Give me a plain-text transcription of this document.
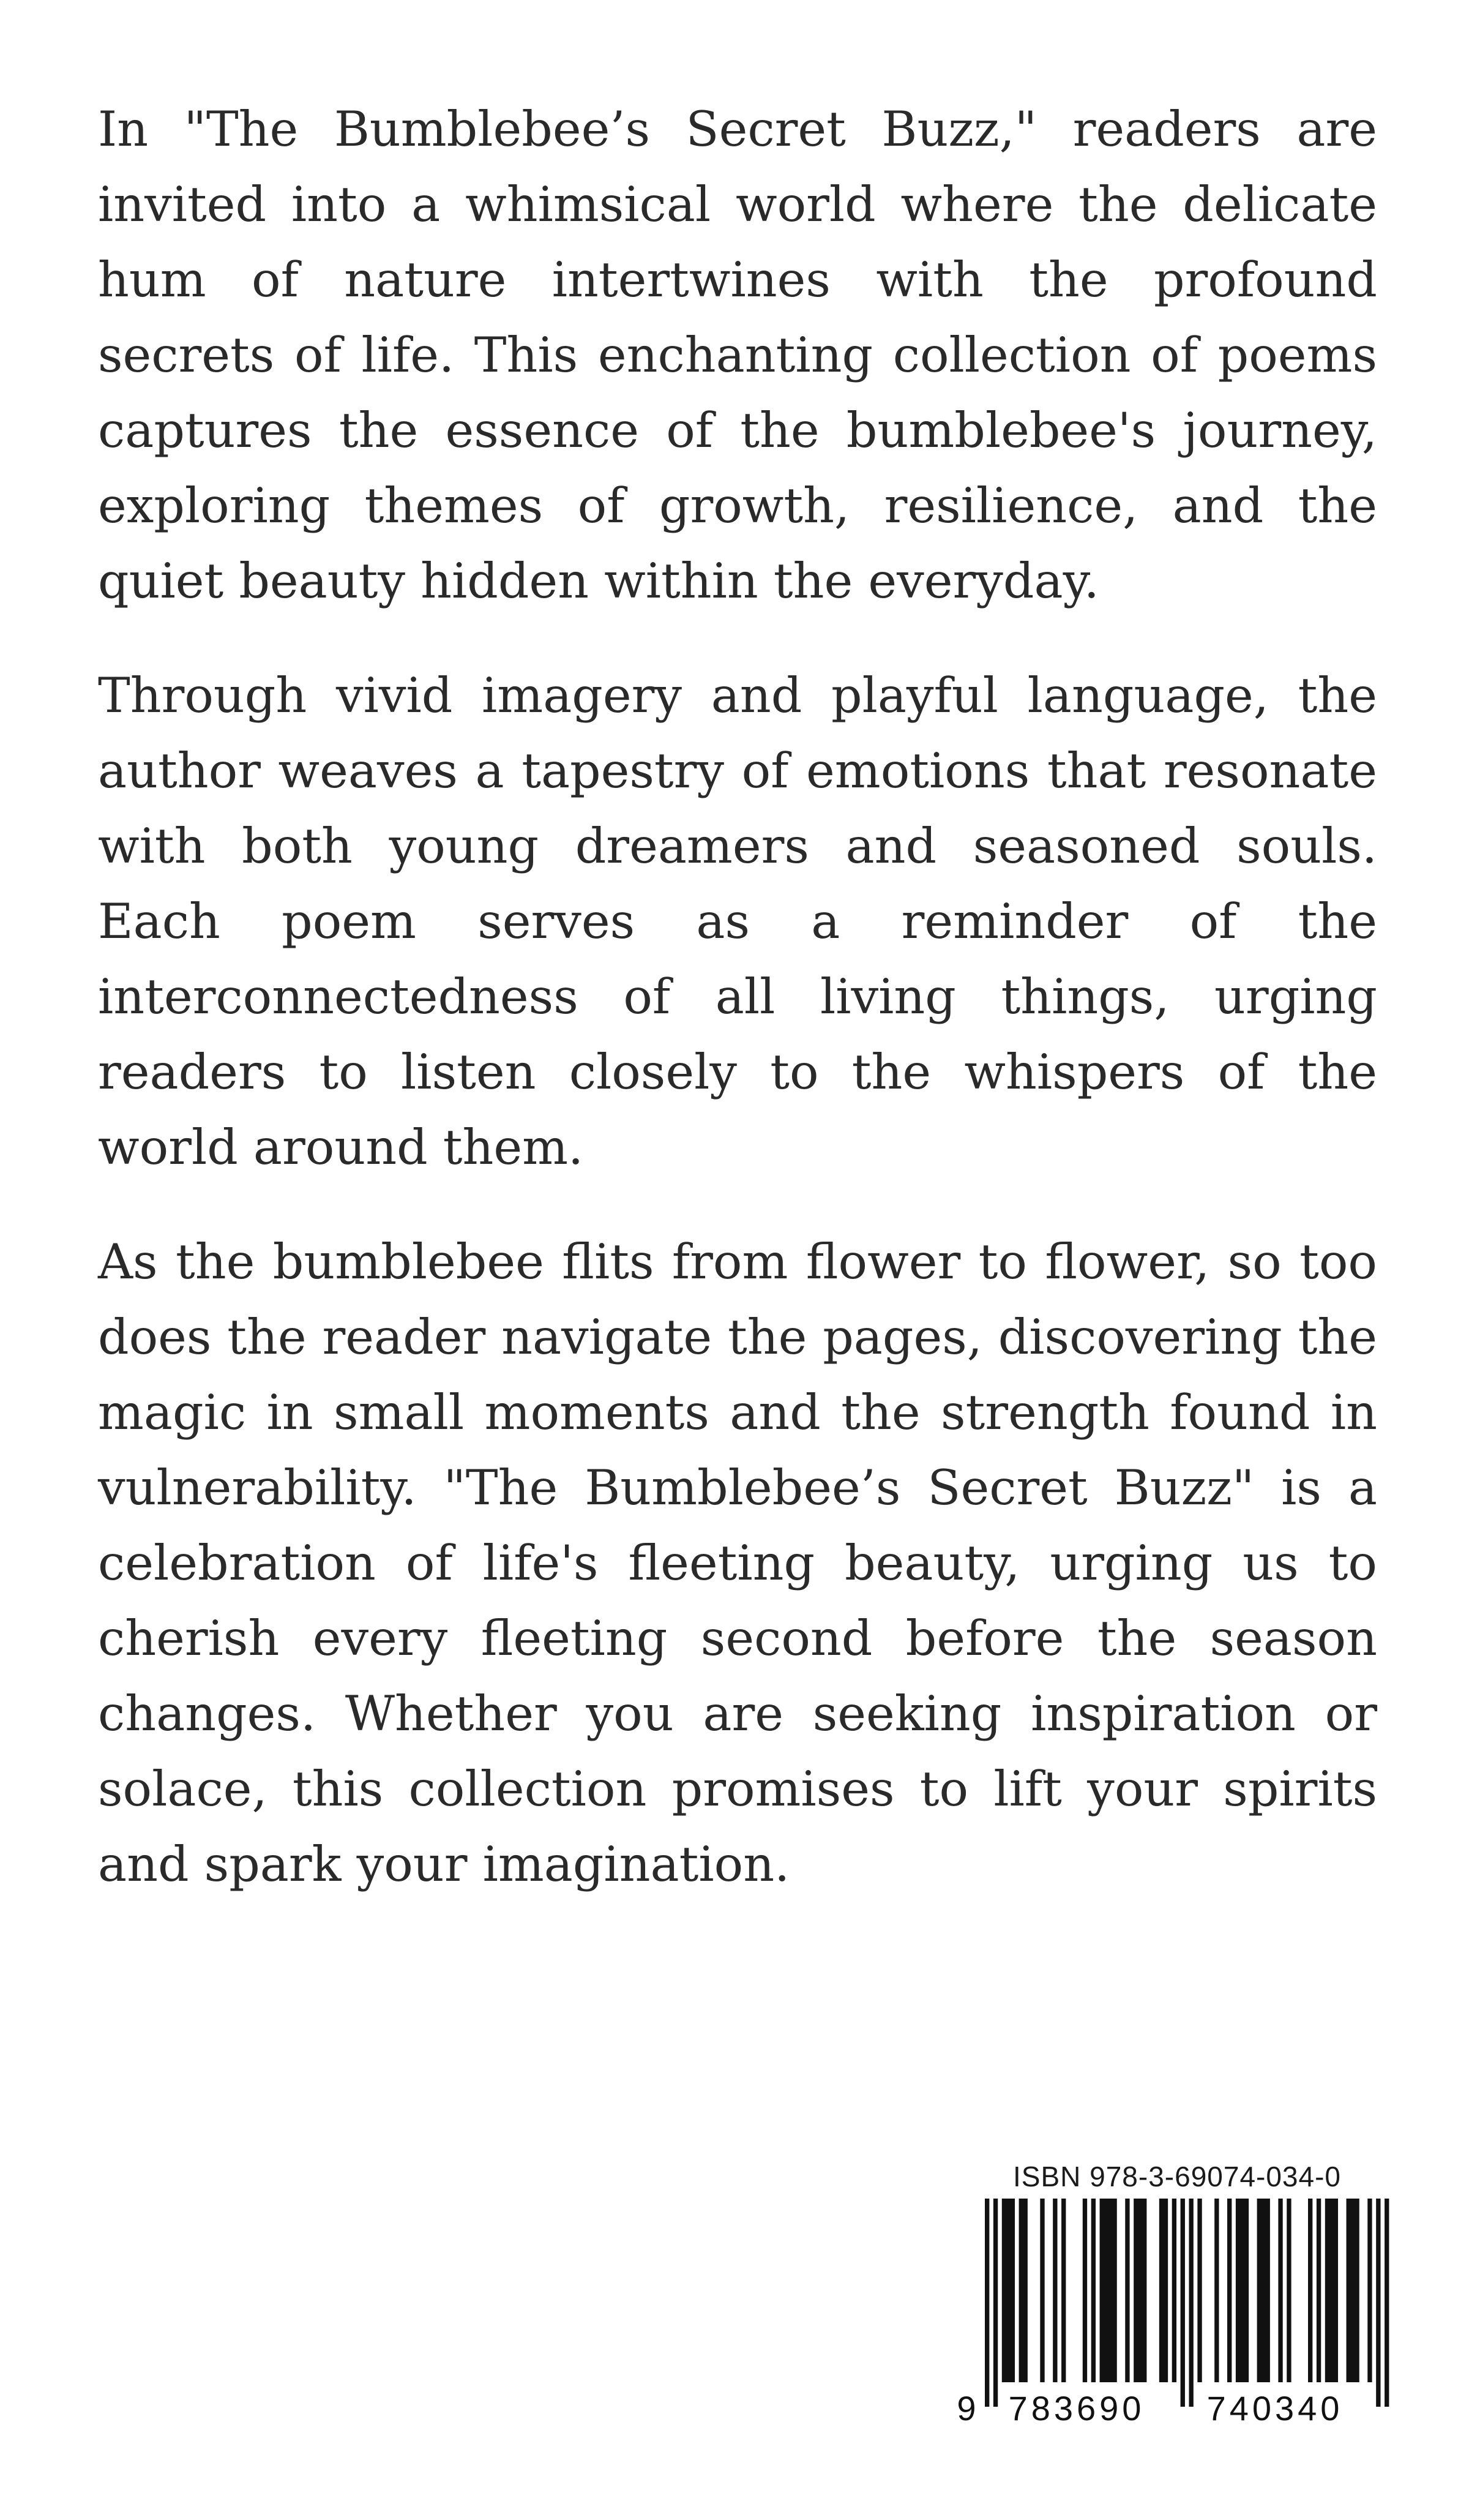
In "The Bumblebee’s Secret Buzz," readers are invited into a whimsical world where the delicate hum of nature intertwines with the profound secrets of life. This enchanting collection of poems captures the essence of the bumblebee's journey, exploring themes of growth, resilience, and the quiet beauty hidden within the everyday.

Through vivid imagery and playful language, the author weaves a tapestry of emotions that resonate with both young dreamers and seasoned souls. Each poem serves as a reminder of the interconnectedness of all living things, urging readers to listen closely to the whispers of the world around them.

As the bumblebee flits from flower to flower, so too does the reader navigate the pages, discovering the magic in small moments and the strength found in vulnerability. "The Bumblebee’s Secret Buzz" is a celebration of life's fleeting beauty, urging us to cherish every fleeting second before the season changes. Whether you are seeking inspiration or solace, this collection promises to lift your spirits and spark your imagination.

ISBN 978-3-69074-034-0
9 783690 740340
